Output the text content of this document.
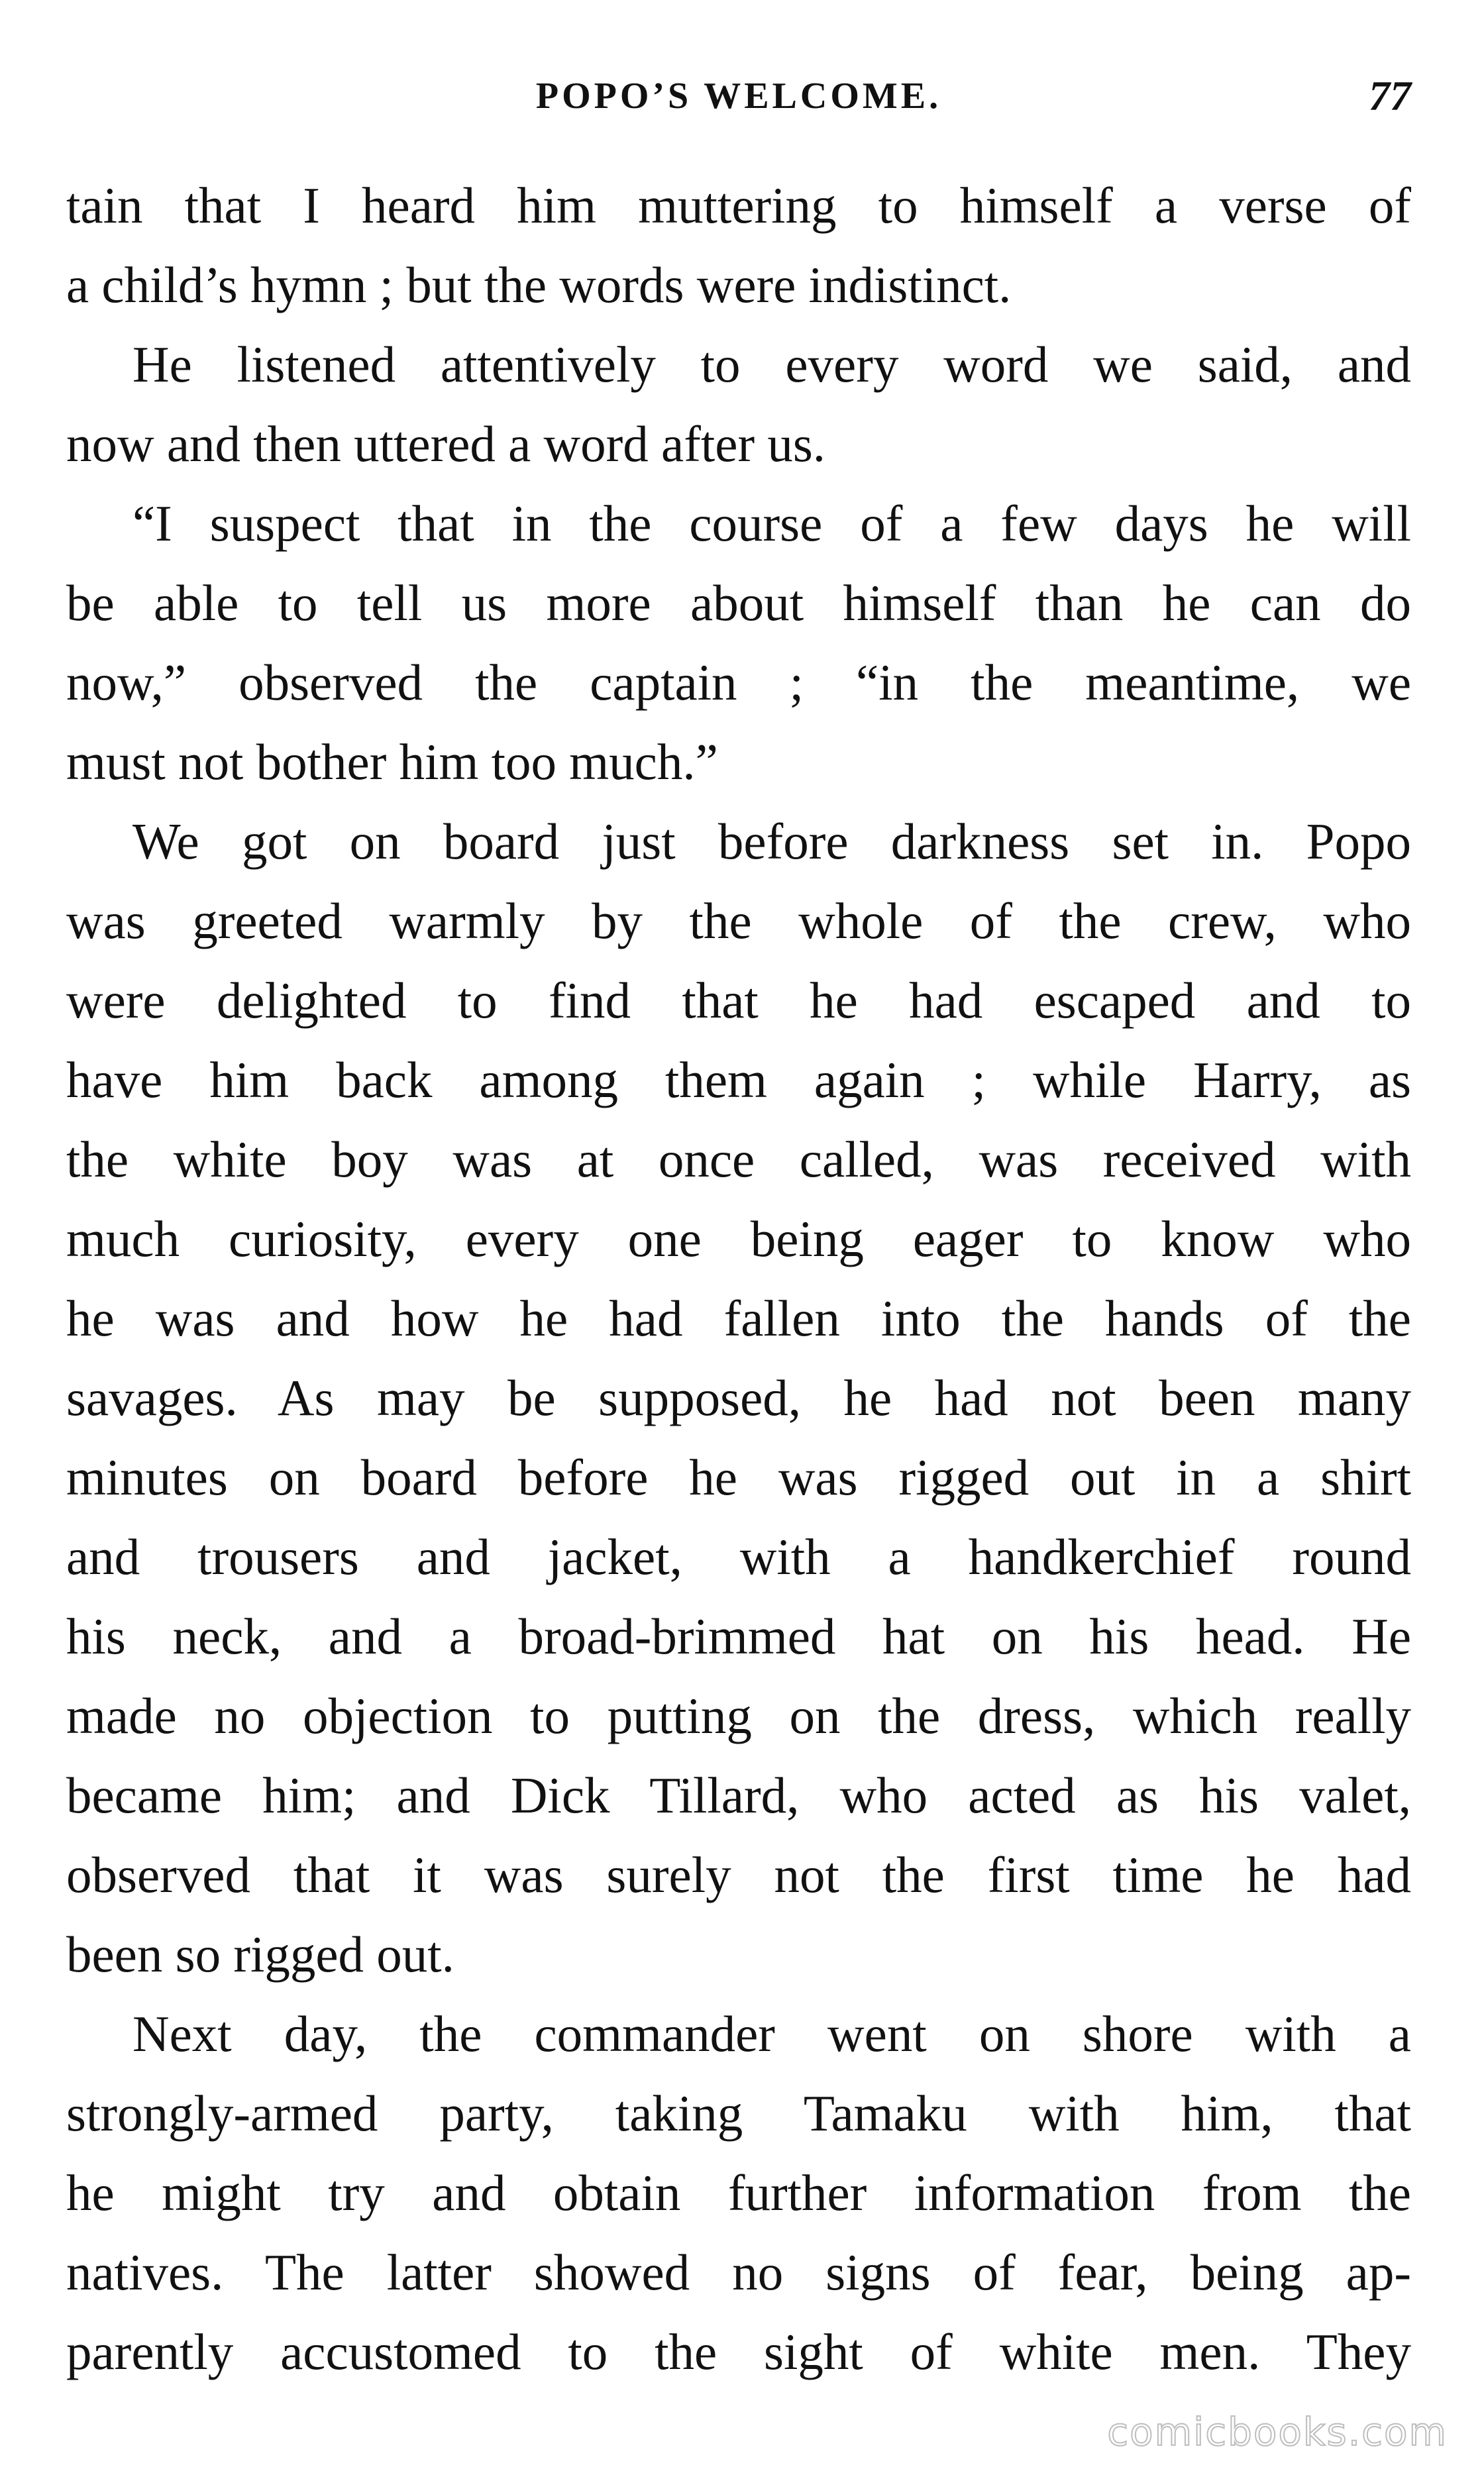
POPO’S WELCOME.	77
tain that I heard him muttering to himself a verse of
a child’s hymn ; but the words were indistinct.
He listened attentively to every word we said, and
now and then uttered a word after us.
“I suspect that in the course of a few days he will
be able to tell us more about himself than he can do
now,” observed the captain ; “in the meantime, we
must not bother him too much.”
We got on board just before darkness set in. Popo
was greeted warmly by the whole of the crew, who
were delighted to find that he had escaped and to
have him back among them again ; while Harry, as
the white boy was at once called, was received with
much curiosity, every one being eager to know who
he was and how he had fallen into the hands of the
savages. As may be supposed, he had not been many
minutes on board before he was rigged out in a shirt
and trousers and jacket, with a handkerchief round
his neck, and a broad-brimmed hat on his head. He
made no objection to putting on the dress, which really
became him; and Dick Tillard, who acted as his valet,
observed that it was surely not the first time he had
been so rigged out.
Next day, the commander went on shore with a
strongly-armed party, taking Tamaku with him, that
he might try and obtain further information from the
natives. The latter showed no signs of fear, being ap-
parently accustomed to the sight of white men. They
comicbooks.com
